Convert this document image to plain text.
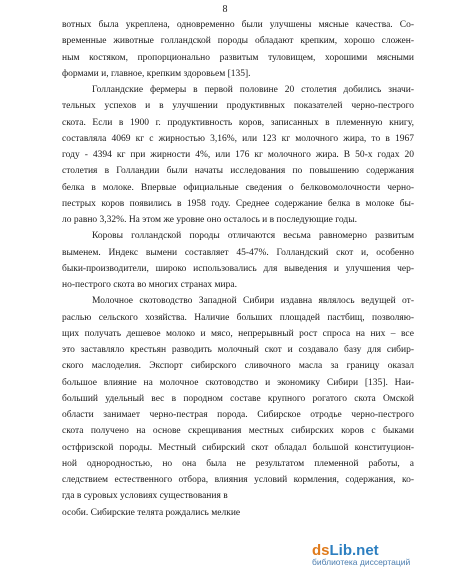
8
вотных была укреплена, одновременно были улучшены мясные качества. Со-
временные животные голландской породы обладают крепким, хорошо сложен-
ным костяком, пропорционально развитым туловищем, хорошими мясными
формами и, главное, крепким здоровьем [135].
Голландские фермеры в первой половине 20 столетия добились значи-
тельных успехов и в улучшении продуктивных показателей черно-пестрого
скота. Если в 1900 г. продуктивность коров, записанных в племенную книгу,
составляла 4069 кг с жирностью 3,16%, или 123 кг молочного жира, то в 1967
году - 4394 кг при жирности 4%, или 176 кг молочного жира. В 50-х годах 20
столетия в Голландии были начаты исследования по повышению содержания
белка в молоке. Впервые официальные сведения о белковомолочности черно-
пестрых коров появились в 1958 году. Среднее содержание белка в молоке бы-
ло равно 3,32%. На этом же уровне оно осталось и в последующие годы.
Коровы голландской породы отличаются весьма равномерно развитым
выменем. Индекс вымени составляет 45-47%. Голландский скот и, особенно
быки-производители, широко использовались для выведения и улучшения чер-
но-пестрого скота во многих странах мира.
Молочное скотоводство Западной Сибири издавна являлось ведущей от-
раслью сельского хозяйства. Наличие больших площадей пастбищ, позволяю-
щих получать дешевое молоко и мясо, непрерывный рост спроса на них – все
это заставляло крестьян разводить молочный скот и создавало базу для сибир-
ского маслоделия. Экспорт сибирского сливочного масла за границу оказал
большое влияние на молочное скотоводство и экономику Сибири [135]. Наи-
больший удельный вес в породном составе крупного рогатого скота Омской
области занимает черно-пестрая порода. Сибирское отродье черно-пестрого
скота получено на основе скрещивания местных сибирских коров с быками
остфризской породы. Местный сибирский скот обладал большой конституцион-
ной однородностью, но она была не результатом племенной работы, а
следствием естественного отбора, влияния условий кормления, содержания, ко-
гда в суровых условиях существования в
особи. Сибирские телята рождались мелкие
dsLib.net
библиотека диссертаций
